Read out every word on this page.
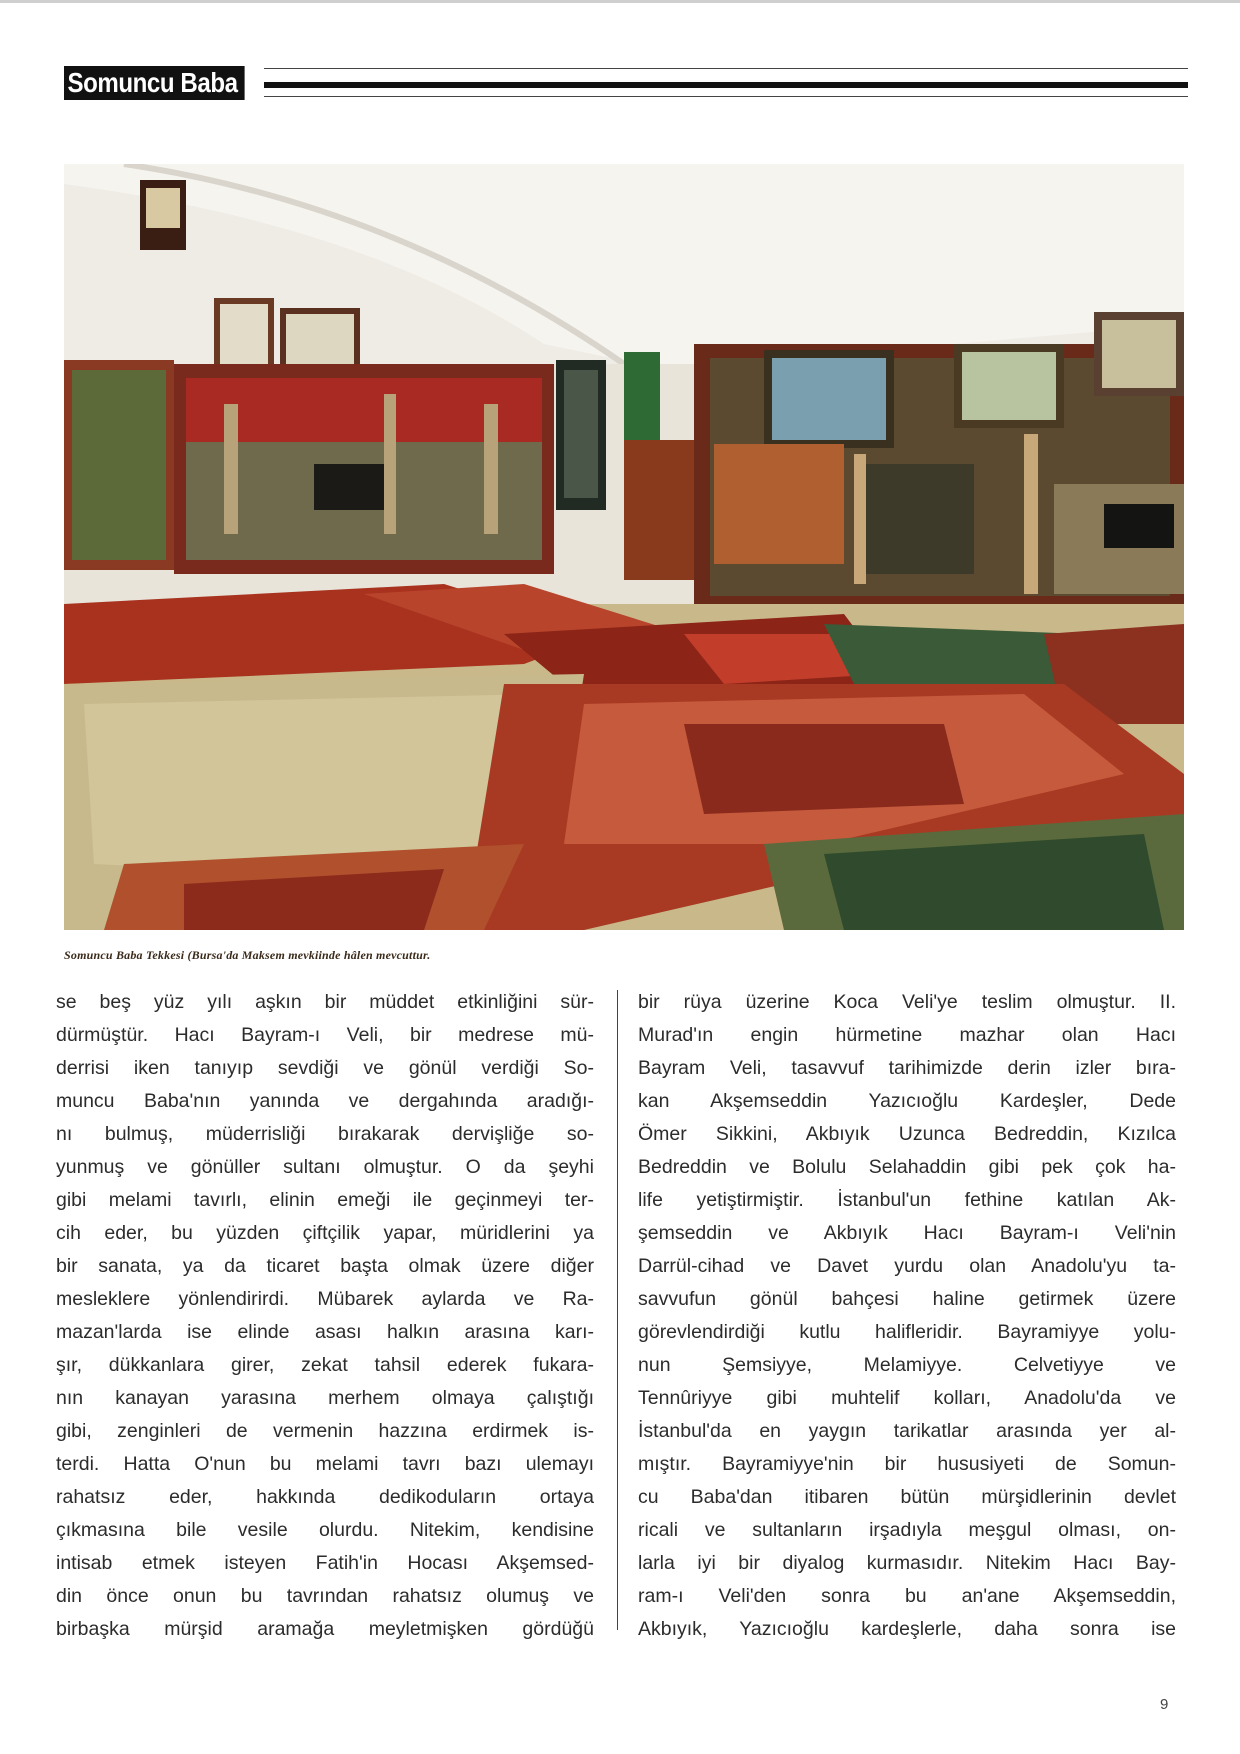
Somuncu Baba
Somuncu Baba Tekkesi (Bursa'da Maksem mevkiinde hâlen mevcuttur.
se beş yüz yılı aşkın bir müddet etkinliğini sür-
dürmüştür. Hacı Bayram-ı Veli, bir medrese mü-
derrisi iken tanıyıp sevdiği ve gönül verdiği So-
muncu Baba'nın yanında ve dergahında aradığı-
nı bulmuş, müderrisliği bırakarak dervişliğe so-
yunmuş ve gönüller sultanı olmuştur. O da şeyhi
gibi melami tavırlı, elinin emeği ile geçinmeyi ter-
cih eder, bu yüzden çiftçilik yapar, müridlerini ya
bir sanata, ya da ticaret başta olmak üzere diğer
mesleklere yönlendirirdi. Mübarek aylarda ve Ra-
mazan'larda ise elinde asası halkın arasına karı-
şır, dükkanlara girer, zekat tahsil ederek fukara-
nın kanayan yarasına merhem olmaya çalıştığı
gibi, zenginleri de vermenin hazzına erdirmek is-
terdi. Hatta O'nun bu melami tavrı bazı ulemayı
rahatsız eder, hakkında dedikoduların ortaya
çıkmasına bile vesile olurdu. Nitekim, kendisine
intisab etmek isteyen Fatih'in Hocası Akşemsed-
din önce onun bu tavrından rahatsız olumuş ve
birbaşka mürşid aramağa meyletmişken gördüğü
bir rüya üzerine Koca Veli'ye teslim olmuştur. II.
Murad'ın engin hürmetine mazhar olan Hacı
Bayram Veli, tasavvuf tarihimizde derin izler bıra-
kan Akşemseddin Yazıcıoğlu Kardeşler, Dede
Ömer Sikkini, Akbıyık Uzunca Bedreddin, Kızılca
Bedreddin ve Bolulu Selahaddin gibi pek çok ha-
life yetiştirmiştir. İstanbul'un fethine katılan Ak-
şemseddin ve Akbıyık Hacı Bayram-ı Veli'nin
Darrül-cihad ve Davet yurdu olan Anadolu'yu ta-
savvufun gönül bahçesi haline getirmek üzere
görevlendirdiği kutlu halifleridir. Bayramiyye yolu-
nun Şemsiyye, Melamiyye. Celvetiyye ve
Tennûriyye gibi muhtelif kolları, Anadolu'da ve
İstanbul'da en yaygın tarikatlar arasında yer al-
mıştır. Bayramiyye'nin bir hususiyeti de Somun-
cu Baba'dan itibaren bütün mürşidlerinin devlet
ricali ve sultanların irşadıyla meşgul olması, on-
larla iyi bir diyalog kurmasıdır. Nitekim Hacı Bay-
ram-ı Veli'den sonra bu an'ane Akşemseddin,
Akbıyık, Yazıcıoğlu kardeşlerle, daha sonra ise
9
